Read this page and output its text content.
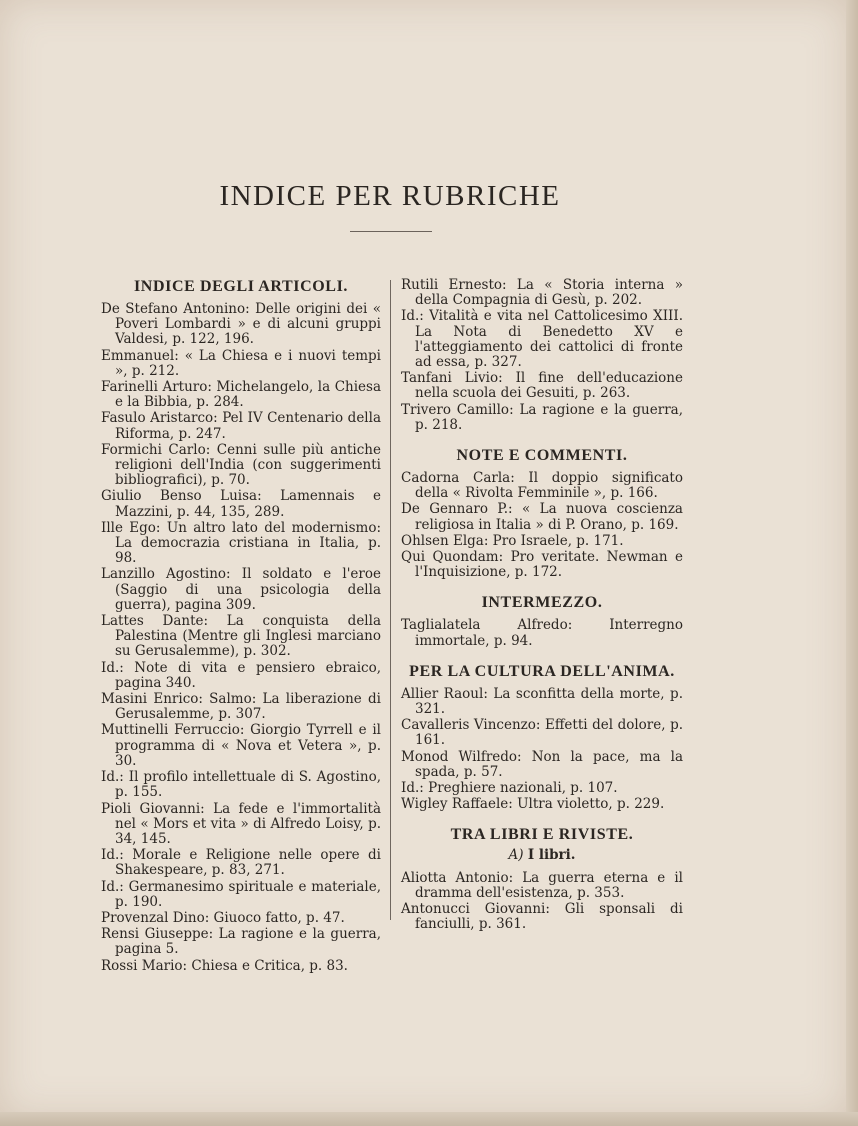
INDICE PER RUBRICHE
INDICE DEGLI ARTICOLI.
De Stefano Antonino: Delle origini dei « Poveri Lombardi » e di alcuni gruppi Valdesi, p. 122, 196.
Emmanuel: « La Chiesa e i nuovi tempi », p. 212.
Farinelli Arturo: Michelangelo, la Chiesa e la Bibbia, p. 284.
Fasulo Aristarco: Pel IV Centenario della Riforma, p. 247.
Formichi Carlo: Cenni sulle più antiche religioni dell'India (con suggerimenti bibliografici), p. 70.
Giulio Benso Luisa: Lamennais e Mazzini, p. 44, 135, 289.
Ille Ego: Un altro lato del modernismo: La democrazia cristiana in Italia, p. 98.
Lanzillo Agostino: Il soldato e l'eroe (Saggio di una psicologia della guerra), pagina 309.
Lattes Dante: La conquista della Palestina (Mentre gli Inglesi marciano su Gerusalemme), p. 302.
Id.: Note di vita e pensiero ebraico, pagina 340.
Masini Enrico: Salmo: La liberazione di Gerusalemme, p. 307.
Muttinelli Ferruccio: Giorgio Tyrrell e il programma di « Nova et Vetera », p. 30.
Id.: Il profilo intellettuale di S. Agostino, p. 155.
Pioli Giovanni: La fede e l'immortalità nel « Mors et vita » di Alfredo Loisy, p. 34, 145.
Id.: Morale e Religione nelle opere di Shakespeare, p. 83, 271.
Id.: Germanesimo spirituale e materiale, p. 190.
Provenzal Dino: Giuoco fatto, p. 47.
Rensi Giuseppe: La ragione e la guerra, pagina 5.
Rossi Mario: Chiesa e Critica, p. 83.
Rutili Ernesto: La « Storia interna » della Compagnia di Gesù, p. 202.
Id.: Vitalità e vita nel Cattolicesimo XIII. La Nota di Benedetto XV e l'atteggiamento dei cattolici di fronte ad essa, p. 327.
Tanfani Livio: Il fine dell'educazione nella scuola dei Gesuiti, p. 263.
Trivero Camillo: La ragione e la guerra, p. 218.
NOTE E COMMENTI.
Cadorna Carla: Il doppio significato della « Rivolta Femminile », p. 166.
De Gennaro P.: « La nuova coscienza religiosa in Italia » di P. Orano, p. 169.
Ohlsen Elga: Pro Israele, p. 171.
Qui Quondam: Pro veritate. Newman e l'Inquisizione, p. 172.
INTERMEZZO.
Taglialatela Alfredo: Interregno immortale, p. 94.
PER LA CULTURA DELL'ANIMA.
Allier Raoul: La sconfitta della morte, p. 321.
Cavalleris Vincenzo: Effetti del dolore, p. 161.
Monod Wilfredo: Non la pace, ma la spada, p. 57.
Id.: Preghiere nazionali, p. 107.
Wigley Raffaele: Ultra violetto, p. 229.
TRA LIBRI E RIVISTE.
A) I libri.
Aliotta Antonio: La guerra eterna e il dramma dell'esistenza, p. 353.
Antonucci Giovanni: Gli sponsali di fanciulli, p. 361.
